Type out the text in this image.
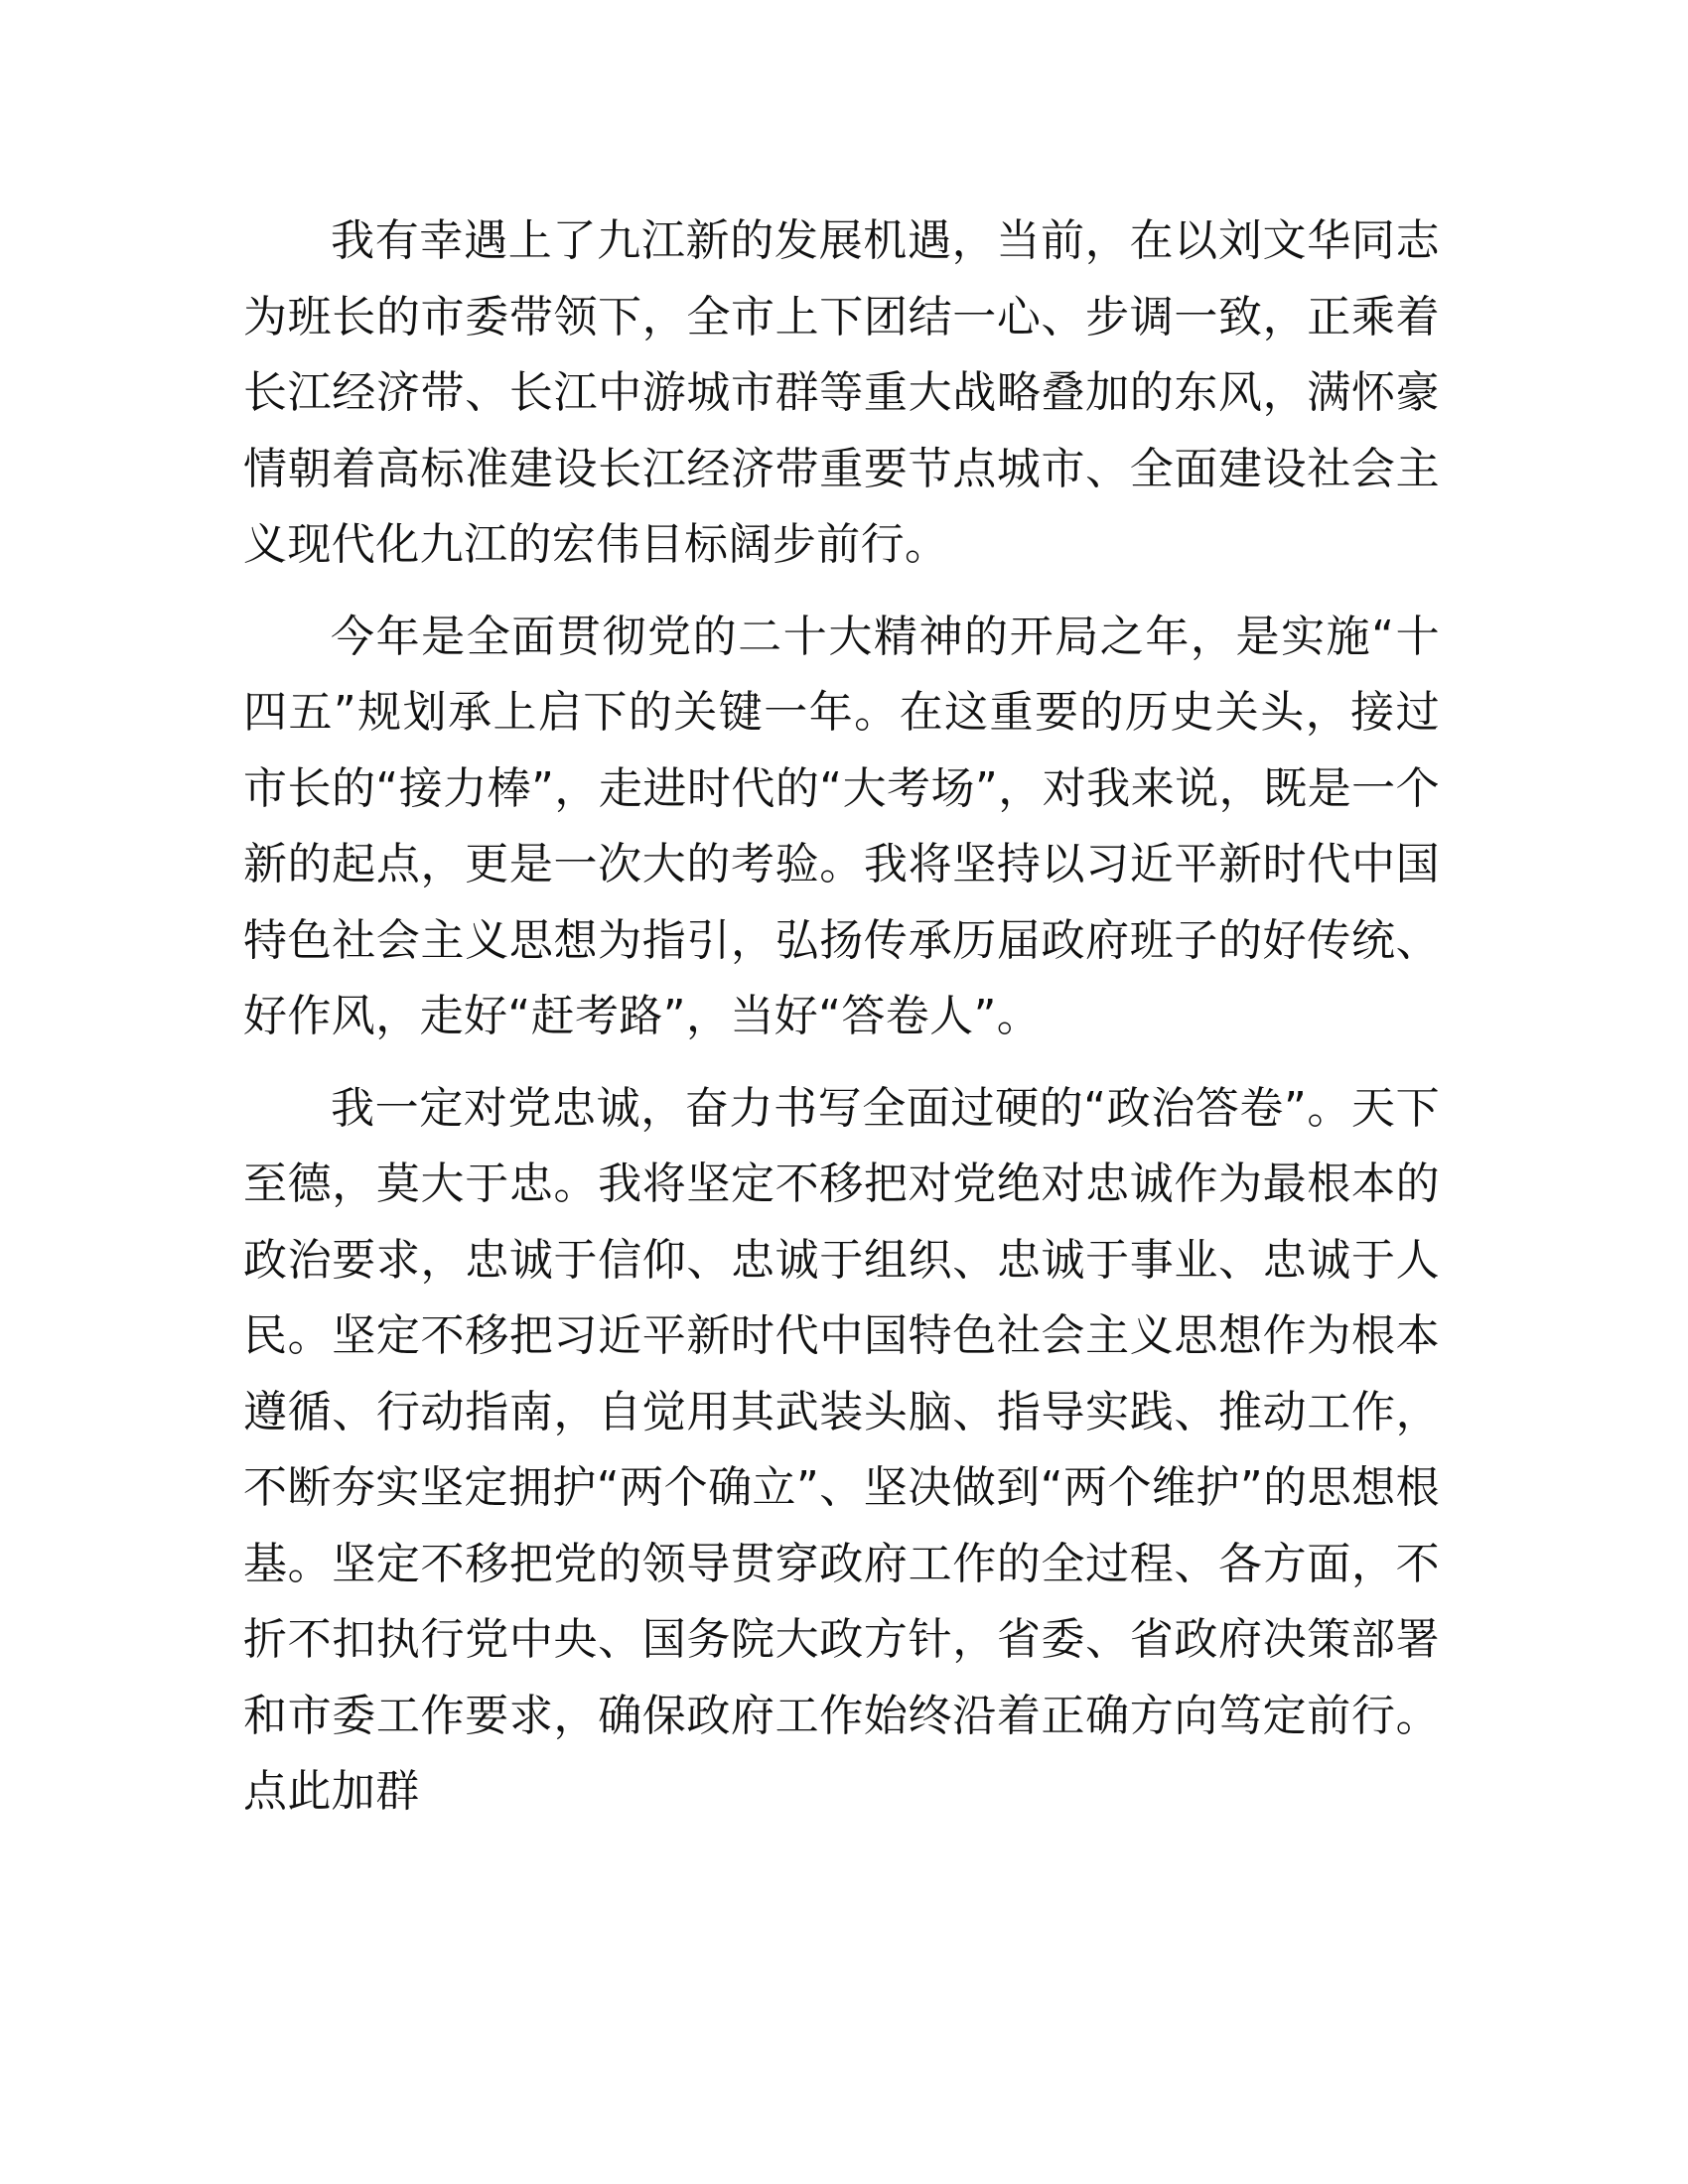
我有幸遇上了九江新的发展机遇，当前，在以刘文华同志为班长的市委带领下，全市上下团结一心、步调一致，正乘着长江经济带、长江中游城市群等重大战略叠加的东风，满怀豪情朝着高标准建设长江经济带重要节点城市、全面建设社会主义现代化九江的宏伟目标阔步前行。

今年是全面贯彻党的二十大精神的开局之年，是实施“十四五”规划承上启下的关键一年。在这重要的历史关头，接过市长的“接力棒”，走进时代的“大考场”，对我来说，既是一个新的起点，更是一次大的考验。我将坚持以习近平新时代中国特色社会主义思想为指引，弘扬传承历届政府班子的好传统、好作风，走好“赶考路”，当好“答卷人”。

我一定对党忠诚，奋力书写全面过硬的“政治答卷”。天下至德，莫大于忠。我将坚定不移把对党绝对忠诚作为最根本的政治要求，忠诚于信仰、忠诚于组织、忠诚于事业、忠诚于人民。坚定不移把习近平新时代中国特色社会主义思想作为根本遵循、行动指南，自觉用其武装头脑、指导实践、推动工作，不断夯实坚定拥护“两个确立”、坚决做到“两个维护”的思想根基。坚定不移把党的领导贯穿政府工作的全过程、各方面，不折不扣执行党中央、国务院大政方针，省委、省政府决策部署和市委工作要求，确保政府工作始终沿着正确方向笃定前行。点此加群
